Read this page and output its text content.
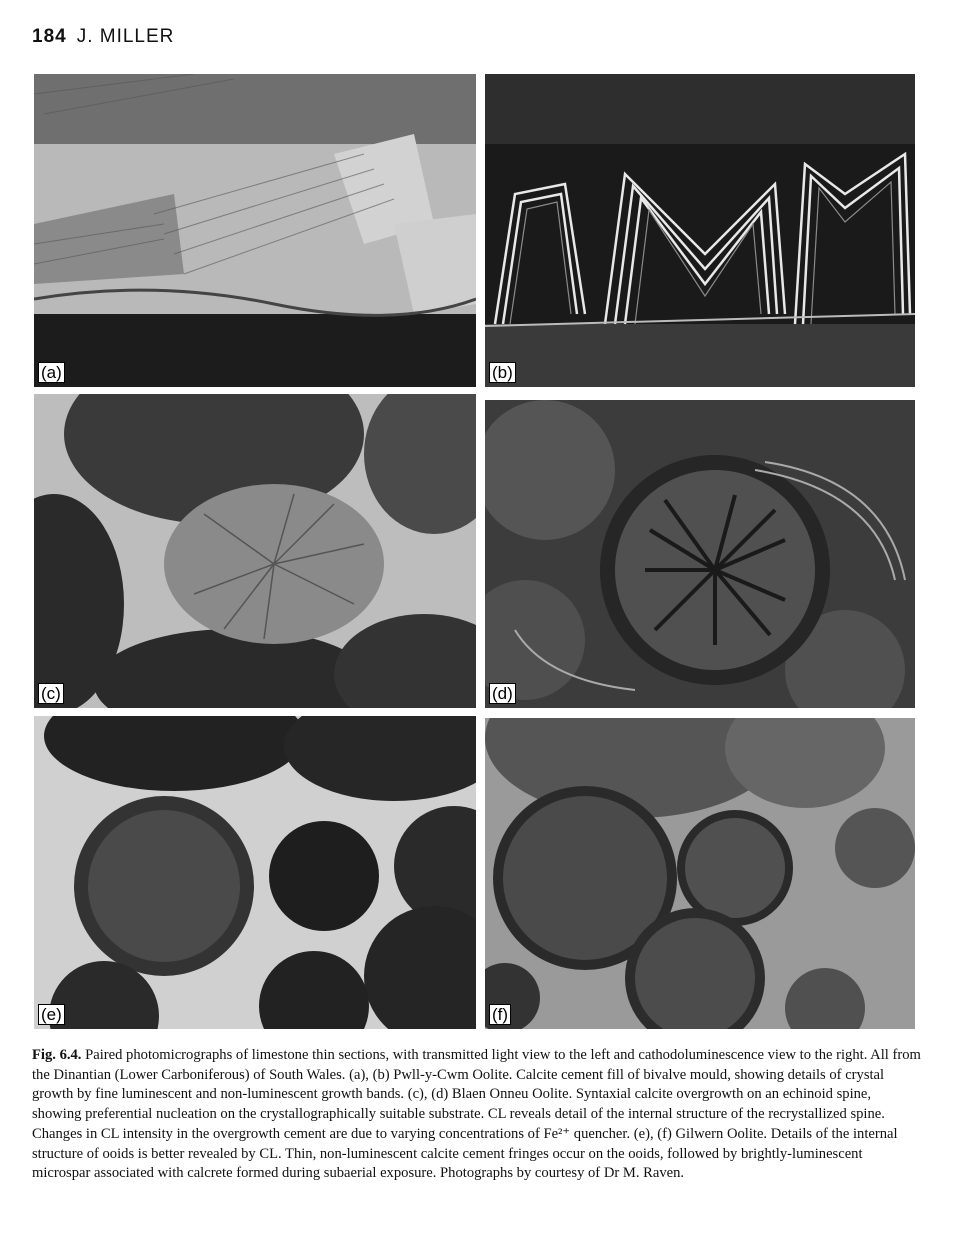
184 J. MILLER
(a)	(b)
(c)	(d)
(e)	(f)
Fig. 6.4. Paired photomicrographs of limestone thin sections, with transmitted light view to the left and cathodoluminescence view to the right. All from the Dinantian (Lower Carboniferous) of South Wales. (a), (b) Pwll-y-Cwm Oolite. Calcite cement fill of bivalve mould, showing details of crystal growth by fine luminescent and non-luminescent growth bands. (c), (d) Blaen Onneu Oolite. Syntaxial calcite overgrowth on an echinoid spine, showing preferential nucleation on the crystallographically suitable substrate. CL reveals detail of the internal structure of the recrystallized spine. Changes in CL intensity in the overgrowth cement are due to varying concentrations of Fe²⁺ quencher. (e), (f) Gilwern Oolite. Details of the internal structure of ooids is better revealed by CL. Thin, non-luminescent calcite cement fringes occur on the ooids, followed by brightly-luminescent microspar associated with calcrete formed during subaerial exposure. Photographs by courtesy of Dr M. Raven.
